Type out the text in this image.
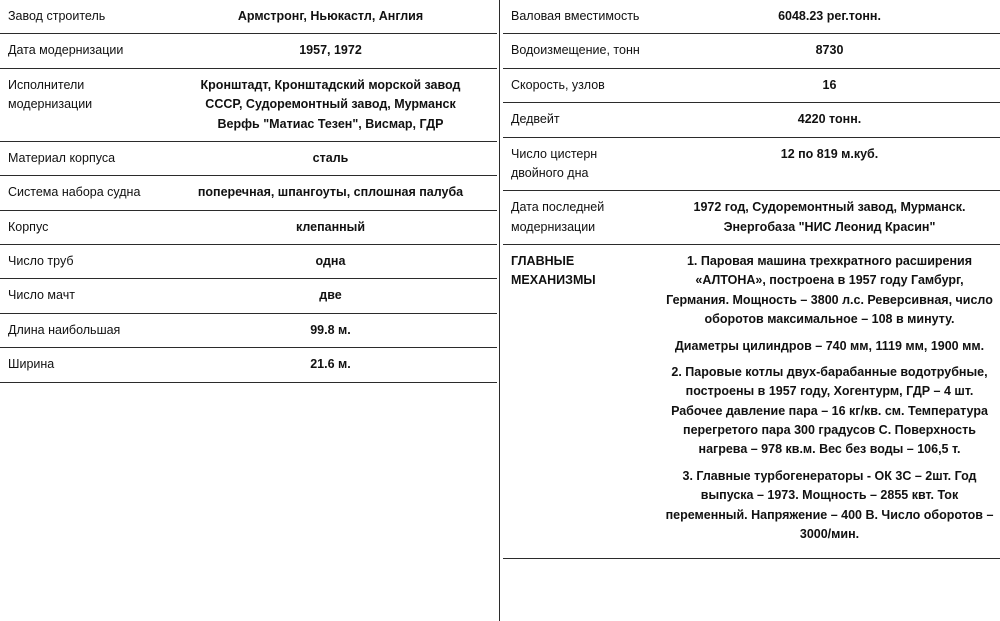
Завод строитель	Армстронг, Ньюкастл, Англия

Дата модернизации	1957, 1972

Исполнители модернизации	Кронштадт, Кронштадский морской завод
СССР, Судоремонтный завод, Мурманск
Верфь "Матиас Тезен", Висмар, ГДР

Материал корпуса	сталь

Система набора судна	поперечная, шпангоуты, сплошная палуба

Корпус	клепанный

Число труб	одна

Число мачт	две

Длина наибольшая	99.8 м.

Ширина	21.6 м.
Валовая вместимость	6048.23 рег.тонн.

Водоизмещение, тонн	8730

Скорость, узлов	16

Дедвейт	4220 тонн.

Число цистерн двойного дна	12 по 819 м.куб.

Дата последней модернизации	1972 год, Судоремонтный завод, Мурманск.
Энергобаза "НИС Леонид Красин"

ГЛАВНЫЕ МЕХАНИЗМЫ	1. Паровая машина трехкратного расширения «АЛТОНА», построена в 1957 году Гамбург, Германия. Мощность – 3800 л.с. Реверсивная, число оборотов максимальное – 108 в минуту.

Диаметры цилиндров – 740 мм, 1119 мм, 1900 мм.

2. Паровые котлы двух-барабанные водотрубные, построены в 1957 году, Хогентурм, ГДР – 4 шт. Рабочее давление пара – 16 кг/кв. см. Температура перегретого пара 300 градусов С. Поверхность нагрева – 978 кв.м. Вес без воды – 106,5 т.

3. Главные турбогенераторы - ОК 3С – 2шт. Год выпуска – 1973. Мощность – 2855 квт. Ток переменный. Напряжение – 400 В. Число оборотов – 3000/мин.
